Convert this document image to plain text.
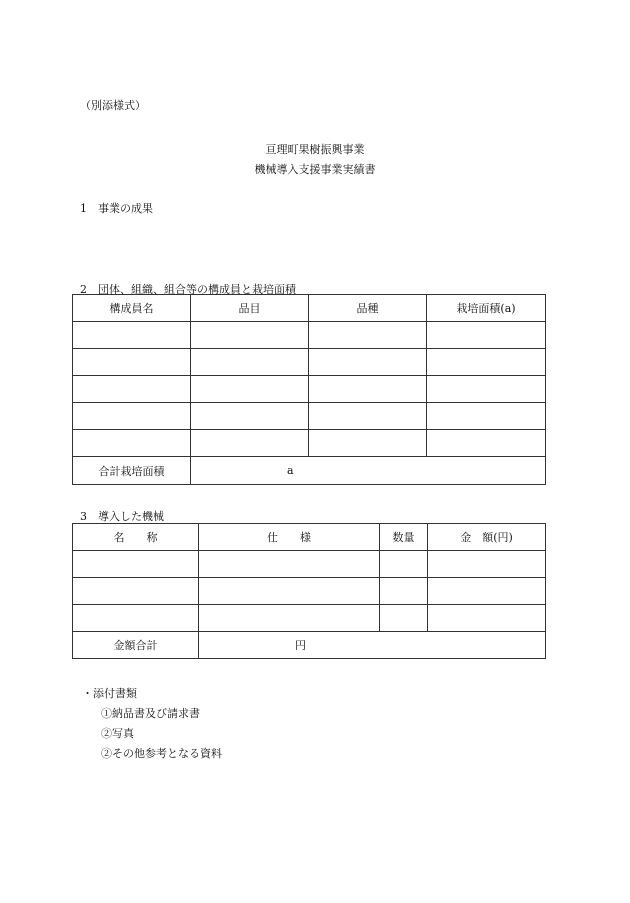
（別添様式）
亘理町果樹振興事業
機械導入支援事業実績書
1　事業の成果
2　団体、組織、組合等の構成員と栽培面積
構成員名	品目	品種	栽培面積(a)

合計栽培面積	a		
3　導入した機械
名　　称	仕　　様	数量	金　額(円)

金額合計	円		
・添付書類
①納品書及び請求書
②写真
②その他参考となる資料
